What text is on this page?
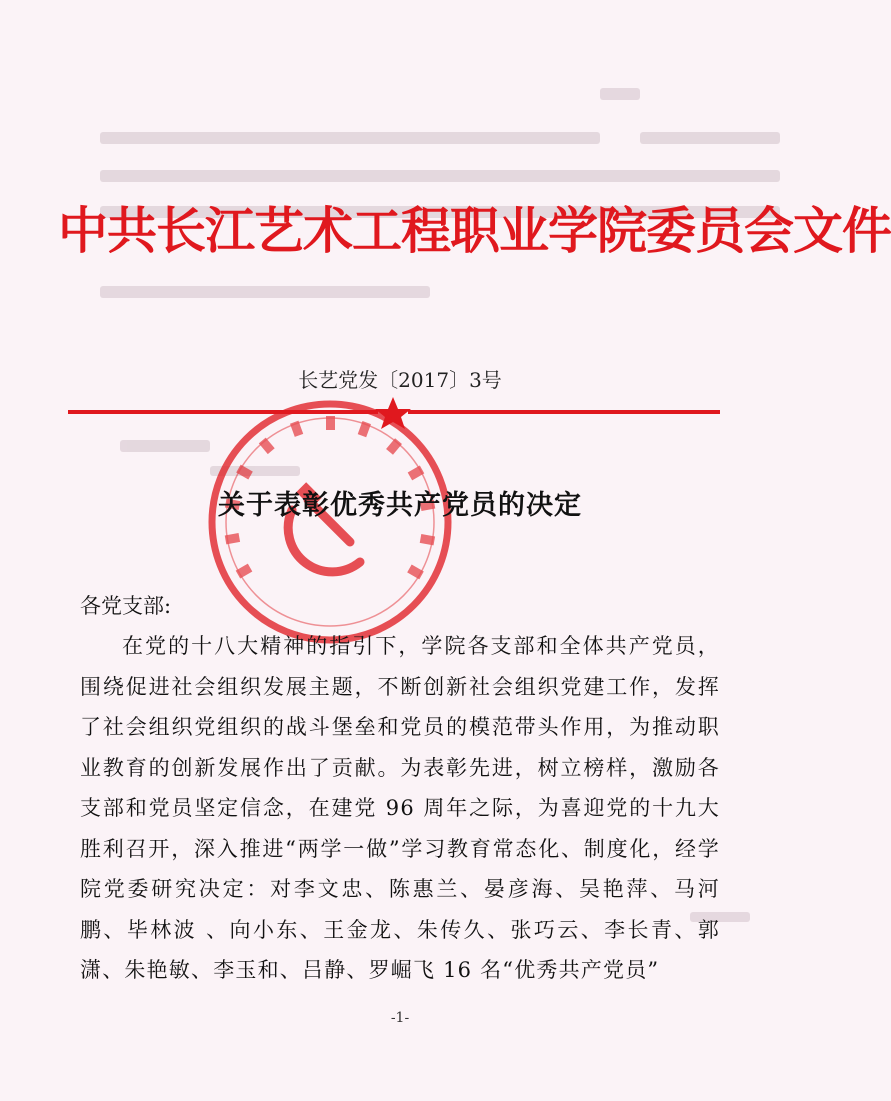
中共长江艺术工程职业学院委员会文件
长艺党发〔2017〕3号
关于表彰优秀共产党员的决定
各党支部:
在党的十八大精神的指引下，学院各支部和全体共产党员，围绕促进社会组织发展主题，不断创新社会组织党建工作，发挥了社会组织党组织的战斗堡垒和党员的模范带头作用，为推动职业教育的创新发展作出了贡献。为表彰先进，树立榜样，激励各支部和党员坚定信念，在建党 96 周年之际，为喜迎党的十九大胜利召开，深入推进“两学一做”学习教育常态化、制度化，经学院党委研究决定：对李文忠、陈惠兰、晏彦海、吴艳萍、马河鹏、毕林波 、向小东、王金龙、朱传久、张巧云、李长青、郭潇、朱艳敏、李玉和、吕静、罗崛飞 16 名“优秀共产党员”
-1-
